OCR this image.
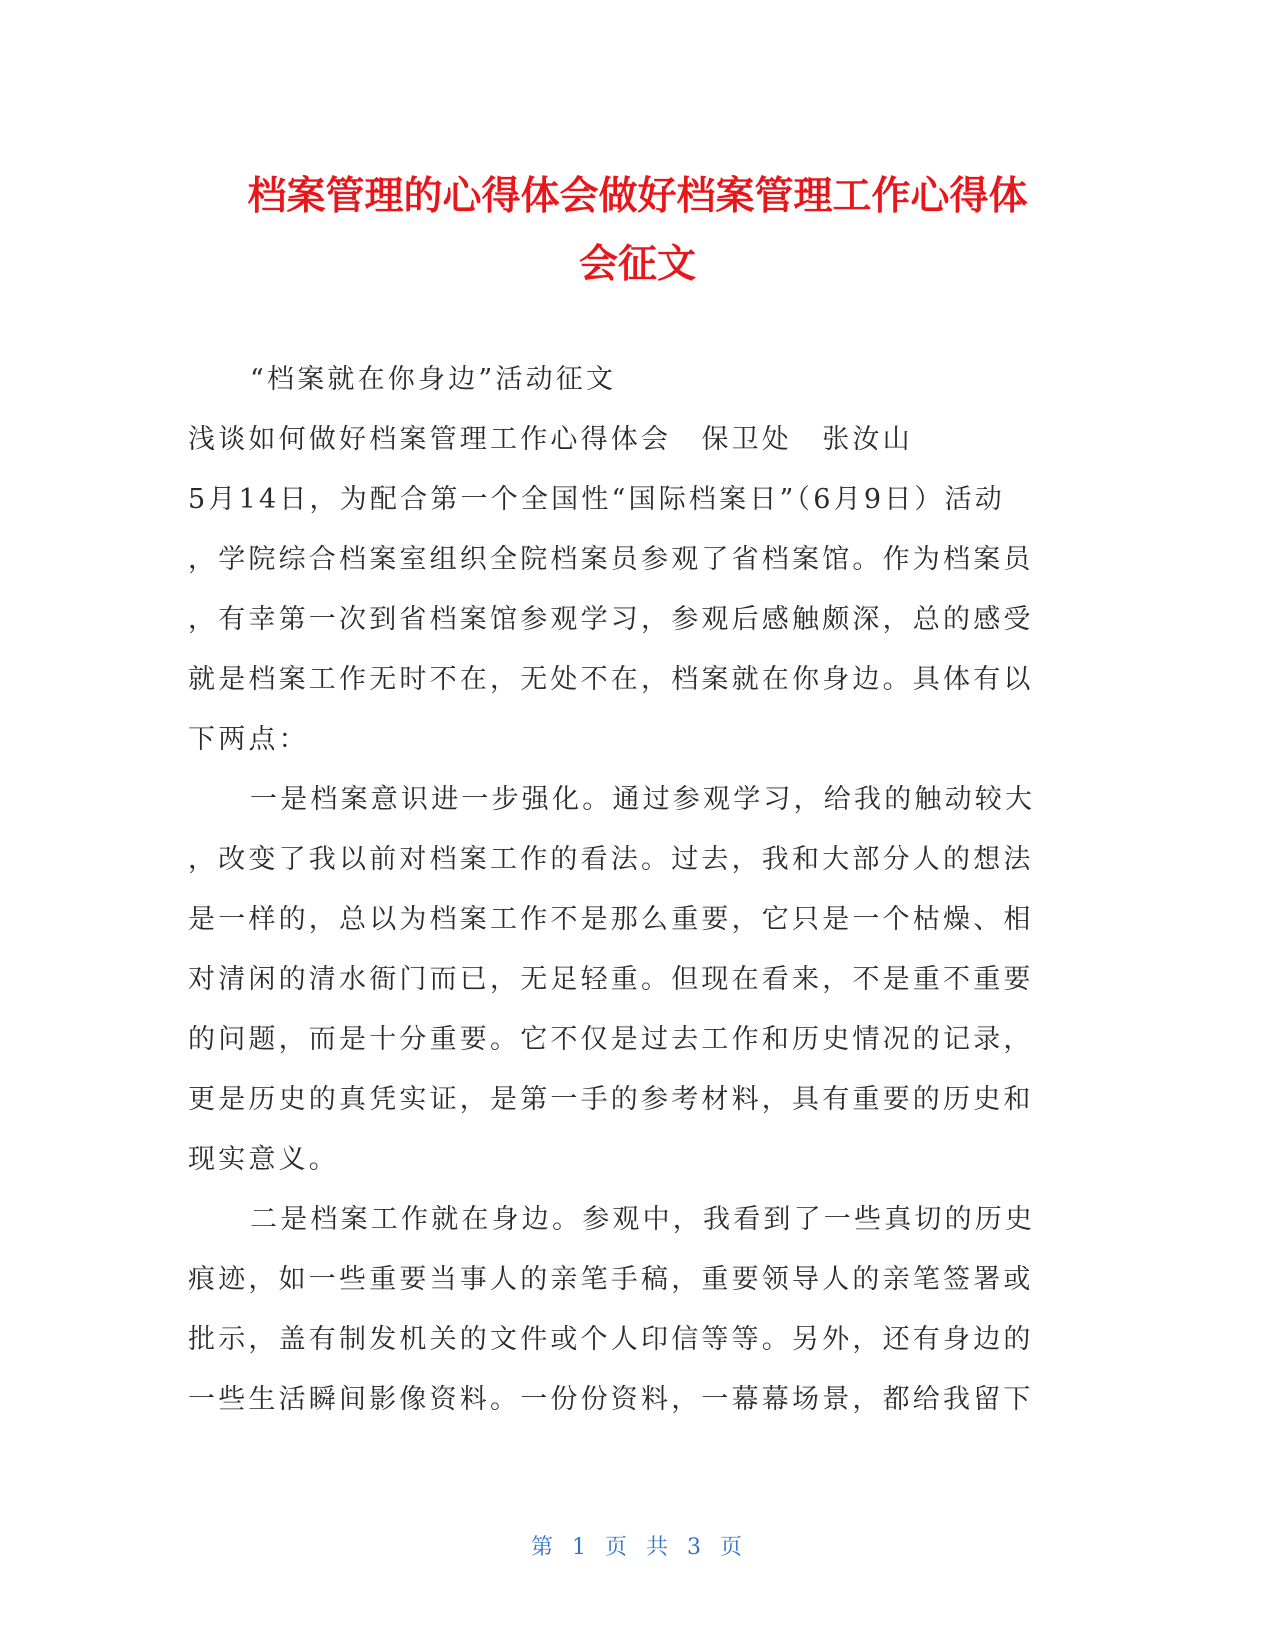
档案管理的心得体会做好档案管理工作心得体
会征文
“档案就在你身边”活动征文
浅谈如何做好档案管理工作心得体会　保卫处　张汝山
5月14日，为配合第一个全国性“国际档案日”（6月9日）活动
，学院综合档案室组织全院档案员参观了省档案馆。作为档案员
，有幸第一次到省档案馆参观学习，参观后感触颇深，总的感受
就是档案工作无时不在，无处不在，档案就在你身边。具体有以
下两点：
一是档案意识进一步强化。通过参观学习，给我的触动较大
，改变了我以前对档案工作的看法。过去，我和大部分人的想法
是一样的，总以为档案工作不是那么重要，它只是一个枯燥、相
对清闲的清水衙门而已，无足轻重。但现在看来，不是重不重要
的问题，而是十分重要。它不仅是过去工作和历史情况的记录，
更是历史的真凭实证，是第一手的参考材料，具有重要的历史和
现实意义。
二是档案工作就在身边。参观中，我看到了一些真切的历史
痕迹，如一些重要当事人的亲笔手稿，重要领导人的亲笔签署或
批示，盖有制发机关的文件或个人印信等等。另外，还有身边的
一些生活瞬间影像资料。一份份资料，一幕幕场景，都给我留下
第 1 页 共 3 页
